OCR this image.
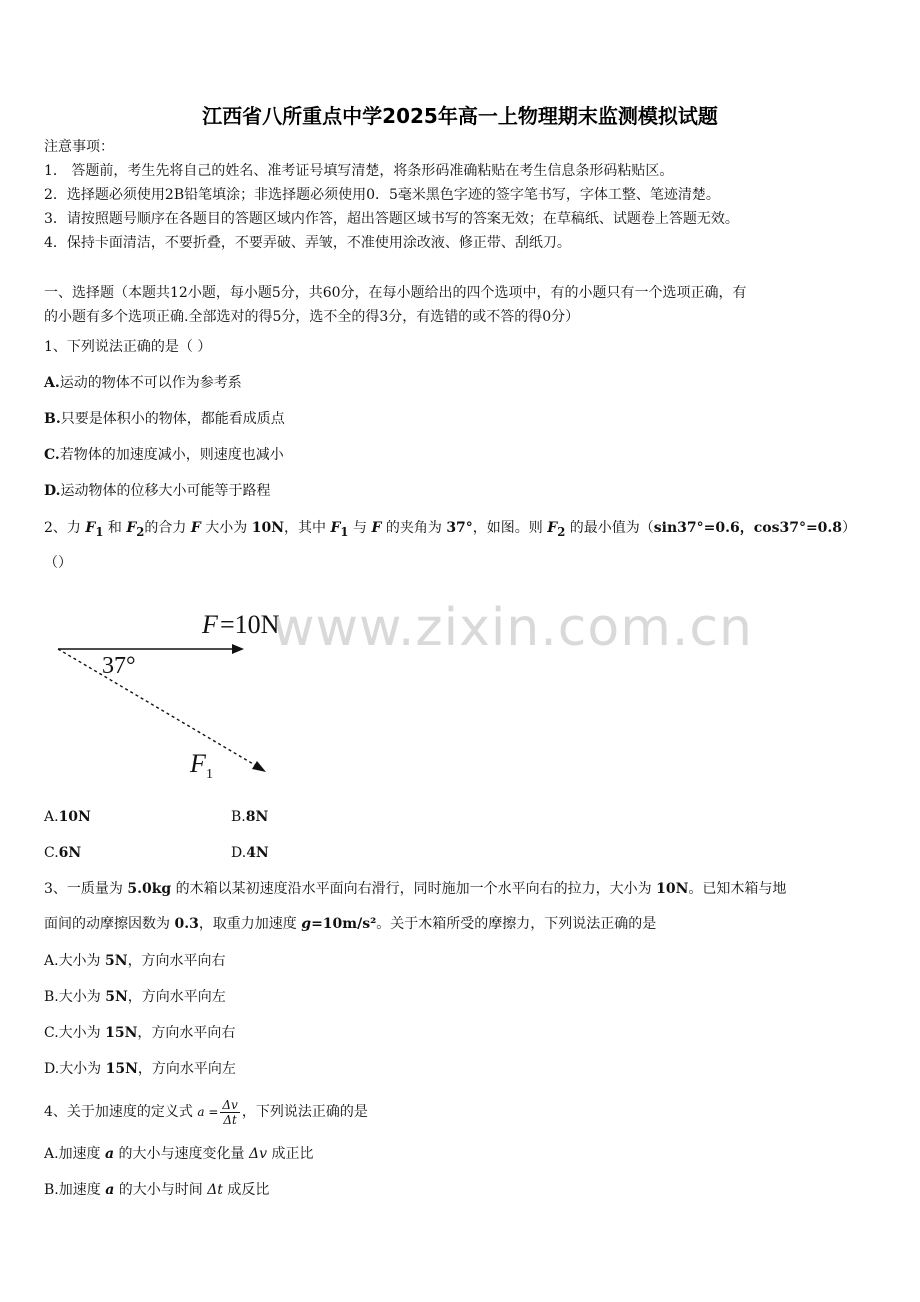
江西省八所重点中学2025年高一上物理期末监测模拟试题
注意事项：
1． 答题前，考生先将自己的姓名、准考证号填写清楚，将条形码准确粘贴在考生信息条形码粘贴区。
2．选择题必须使用2B铅笔填涂；非选择题必须使用0．5毫米黑色字迹的签字笔书写，字体工整、笔迹清楚。
3．请按照题号顺序在各题目的答题区域内作答，超出答题区域书写的答案无效；在草稿纸、试题卷上答题无效。
4．保持卡面清洁，不要折叠，不要弄破、弄皱，不准使用涂改液、修正带、刮纸刀。
一、选择题（本题共12小题，每小题5分，共60分，在每小题给出的四个选项中，有的小题只有一个选项正确，有
的小题有多个选项正确.全部选对的得5分，选不全的得3分，有选错的或不答的得0分）
1、下列说法正确的是（ ）
A.运动的物体不可以作为参考系
B.只要是体积小的物体，都能看成质点
C.若物体的加速度减小，则速度也减小
D.运动物体的位移大小可能等于路程
2、力 $F_1$ 和 $F_2$的合力 F 大小为 10N，其中 $F_1$ 与 F 的夹角为 37°，如图。则 $F_2$ 的最小值为（sin37°=0.6，cos37°=0.8）
（）
www.zixin.com.cn
F =10N
37°
F 1
A.10N	B.8N
C.6N	D.4N
3、一质量为 5.0kg 的木箱以某初速度沿水平面向右滑行，同时施加一个水平向右的拉力，大小为 10N。已知木箱与地
面间的动摩擦因数为 0.3，取重力加速度 g=10m/s²。关于木箱所受的摩擦力，下列说法正确的是
A.大小为 5N，方向水平向右
B.大小为 5N，方向水平向左
C.大小为 15N，方向水平向右
D.大小为 15N，方向水平向左
4、关于加速度的定义式 $a = \frac{\Delta v}{\Delta t}$ ，下列说法正确的是
A.加速度 a 的大小与速度变化量 Δv 成正比
B.加速度 a 的大小与时间 Δt 成反比
